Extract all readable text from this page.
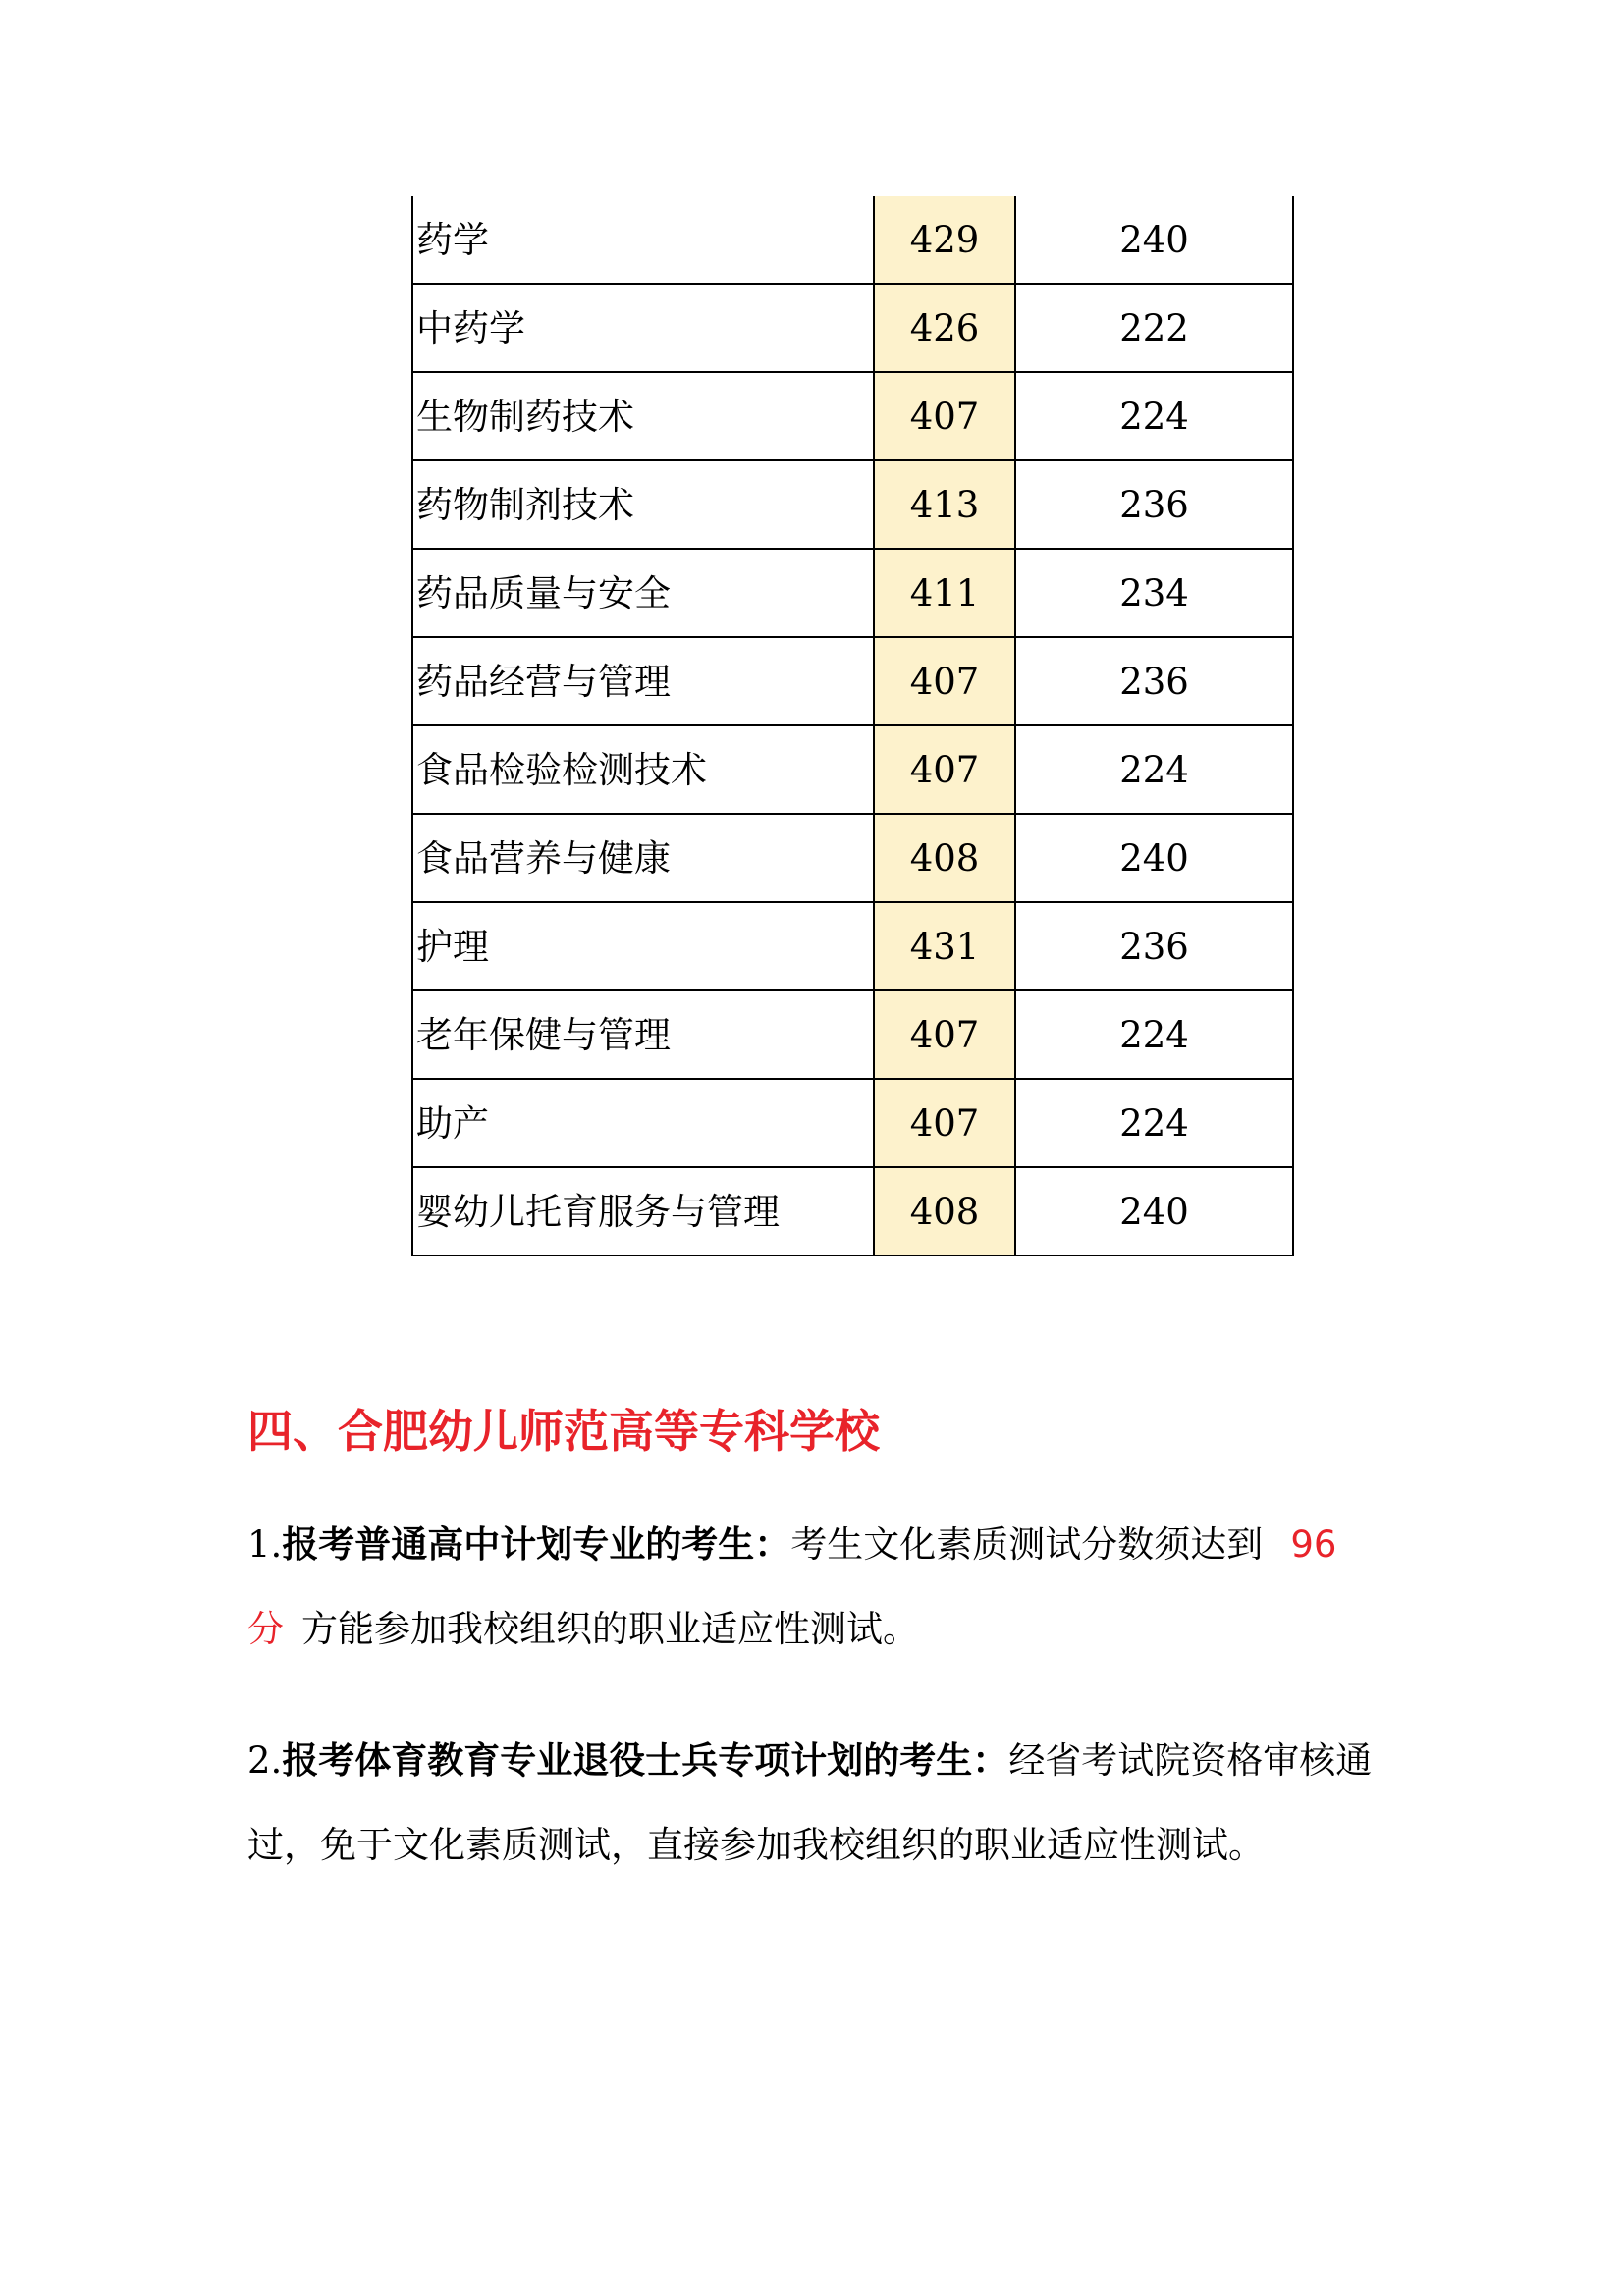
药学	429	240
中药学	426	222
生物制药技术	407	224
药物制剂技术	413	236
药品质量与安全	411	234
药品经营与管理	407	236
食品检验检测技术	407	224
食品营养与健康	408	240
护理	431	236
老年保健与管理	407	224
助产	407	224
婴幼儿托育服务与管理	408	240
四、合肥幼儿师范高等专科学校

1.报考普通高中计划专业的考生：考生文化素质测试分数须达到 96 分 方能参加我校组织的职业适应性测试。

2.报考体育教育专业退役士兵专项计划的考生：经省考试院资格审核通过，免于文化素质测试，直接参加我校组织的职业适应性测试。
